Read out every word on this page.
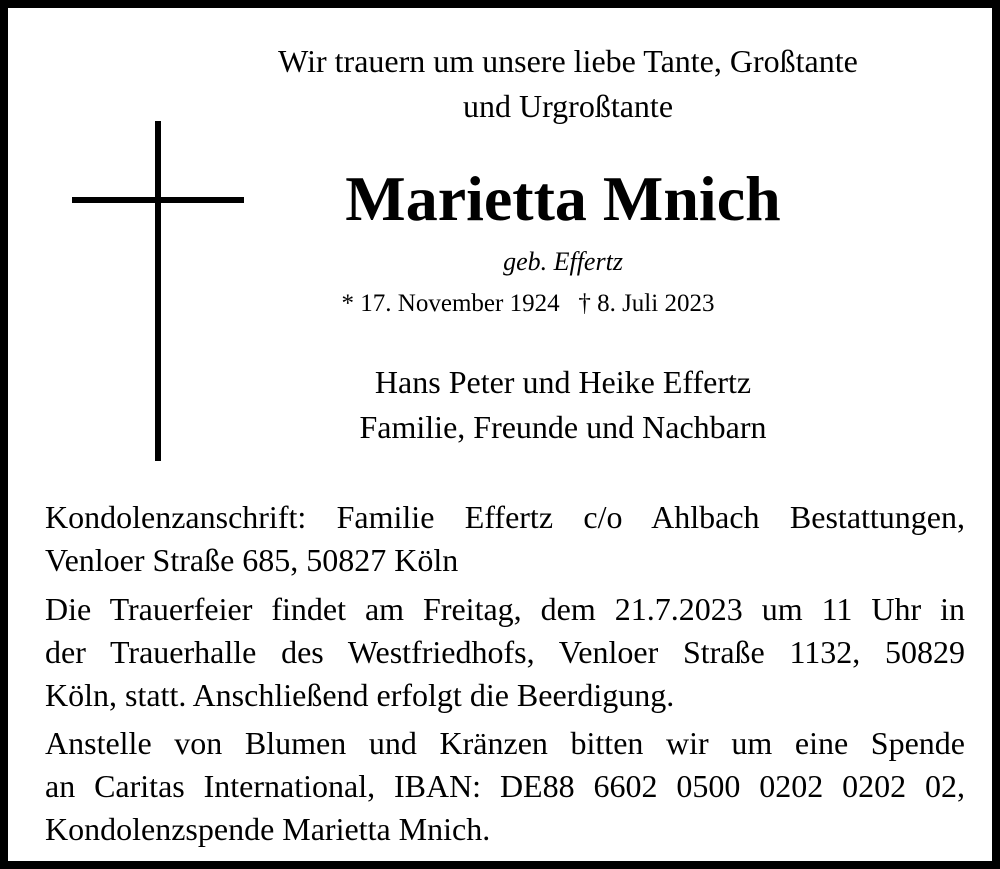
Wir trauern um unsere liebe Tante, Großtante
und Urgroßtante
Marietta Mnich
geb. Effertz
* 17. November 1924 † 8. Juli 2023
Hans Peter und Heike Effertz
Familie, Freunde und Nachbarn
Kondolenzanschrift: Familie Effertz c/o Ahlbach Bestattungen,
Venloer Straße 685, 50827 Köln
Die Trauerfeier findet am Freitag, dem 21.7.2023 um 11 Uhr in
der Trauerhalle des Westfriedhofs, Venloer Straße 1132, 50829
Köln, statt. Anschließend erfolgt die Beerdigung.
Anstelle von Blumen und Kränzen bitten wir um eine Spende
an Caritas International, IBAN: DE88 6602 0500 0202 0202 02,
Kondolenzspende Marietta Mnich.
